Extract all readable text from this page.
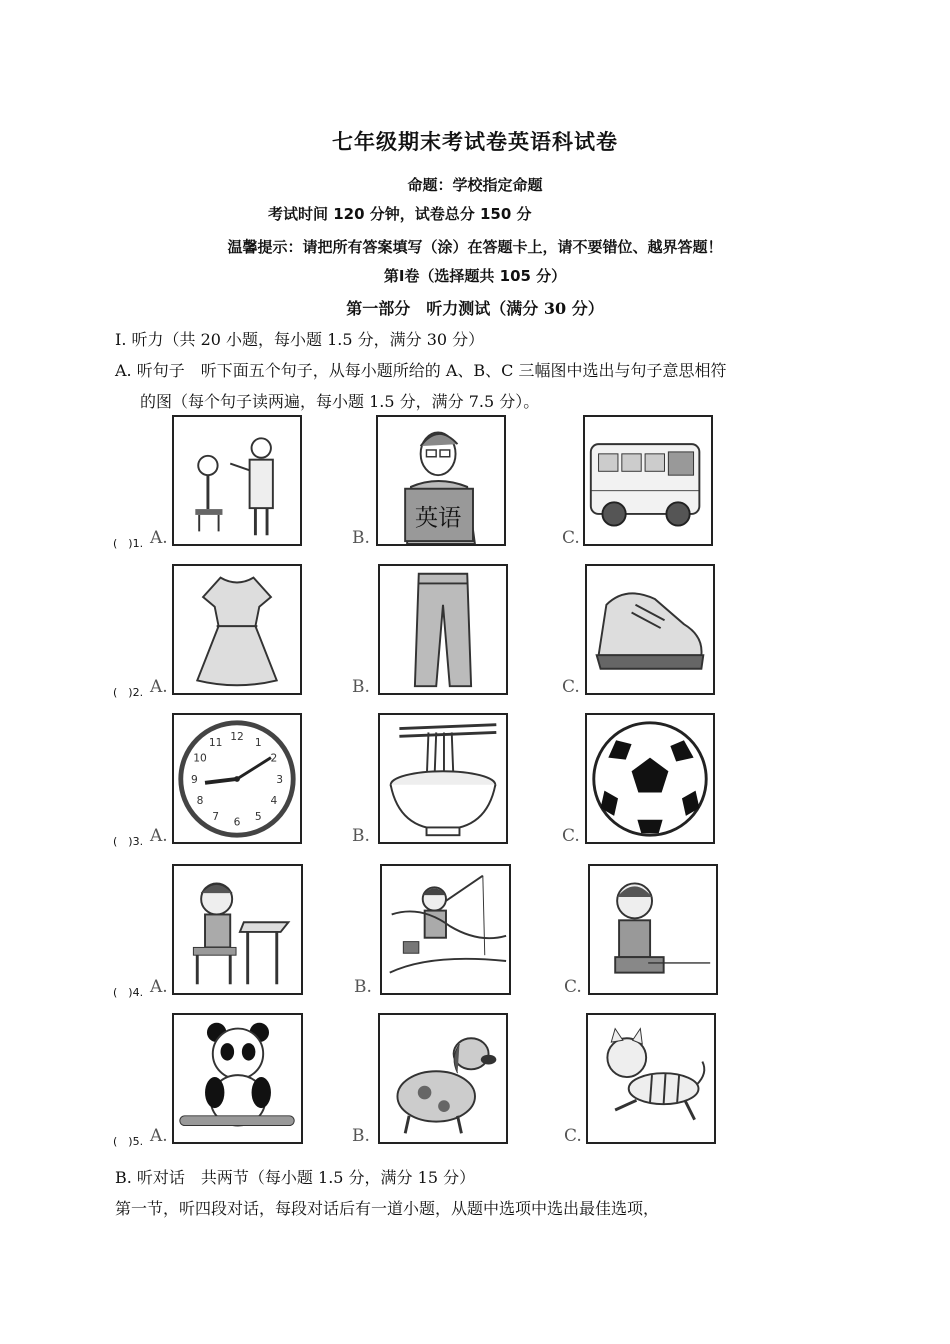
七年级期末考试卷英语科试卷
命题：学校指定命题
考试时间 120 分钟，试卷总分 150 分
温馨提示：请把所有答案填写（涂）在答题卡上，请不要错位、越界答题！
第Ⅰ卷（选择题共 105 分）
第一部分　听力测试（满分 30 分）
I. 听力（共 20 小题，每小题 1.5 分，满分 30 分）
A. 听句子　听下面五个句子，从每小题所给的 A、B、C 三幅图中选出与句子意思相符
的图（每个句子读两遍，每小题 1.5 分，满分 7.5 分）。
(　)1. A.	B.
英语
C.
(　)2. A.	B.	C.
(　)3. A.
12 1
2
3
4
5
6
7
8
9
10
11
B.	C.
(　)4. A.	B.	C.
(　)5. A.	B.	C.
B. 听对话　共两节（每小题 1.5 分，满分 15 分）
第一节，听四段对话，每段对话后有一道小题，从题中选项中选出最佳选项，
